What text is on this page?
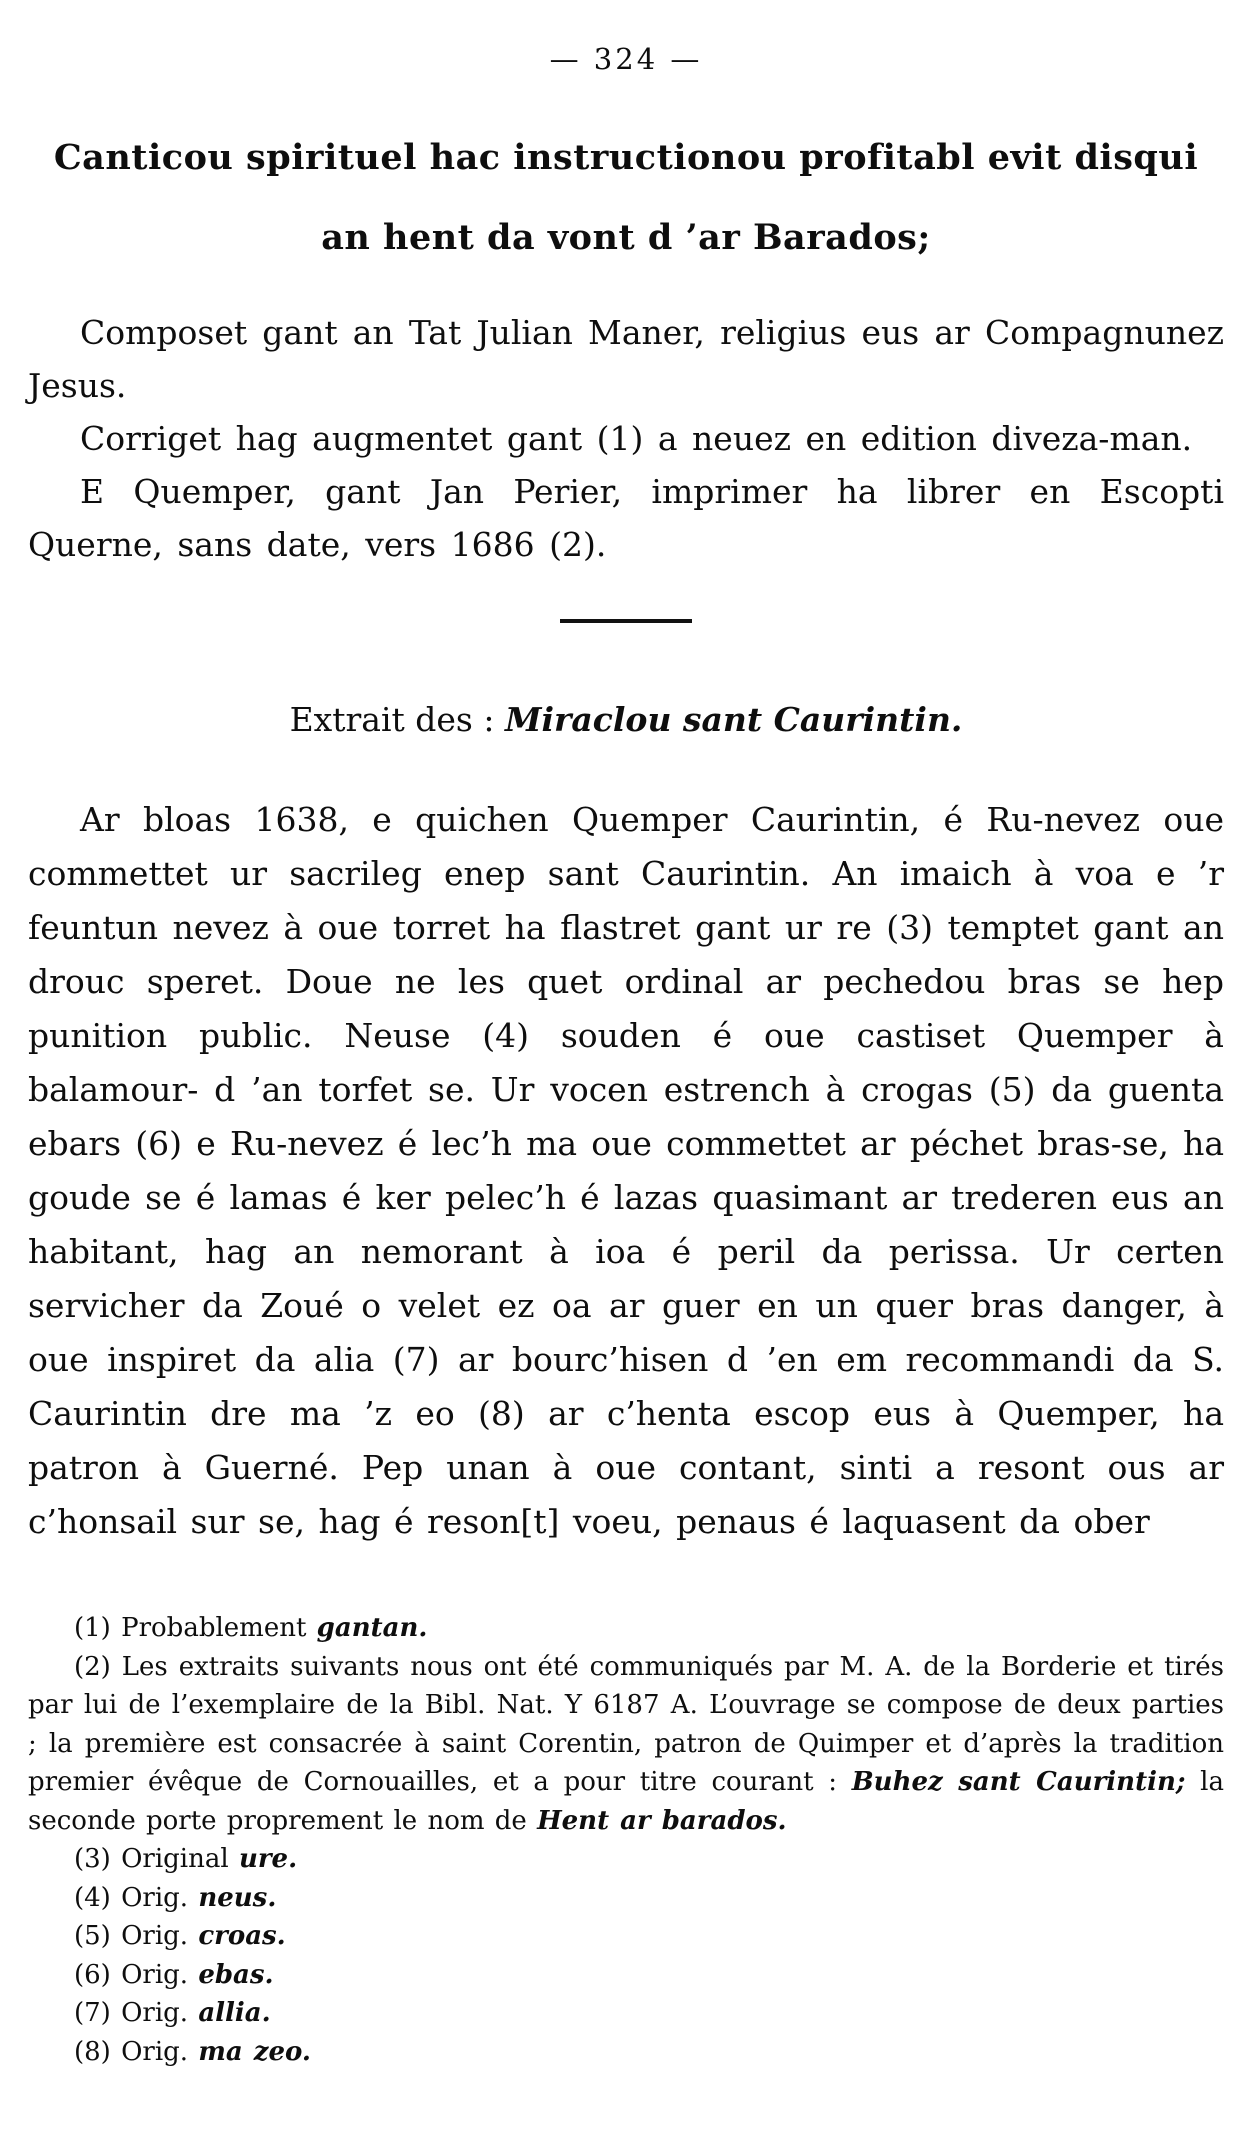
— 324 —
Canticou spirituel hac instructionou profitabl evit disqui
an hent da vont d ’ar Barados;

Composet gant an Tat Julian Maner, religius eus ar Compagnunez Jesus.

Corriget hag augmentet gant (1) a neuez en edition diveza-man.

E Quemper, gant Jan Perier, imprimer ha librer en Escopti Querne, sans date, vers 1686 (2).

Extrait des : Miraclou sant Caurintin.

Ar bloas 1638, e quichen Quemper Caurintin, é Ru-nevez oue commettet ur sacrileg enep sant Caurintin. An imaich à voa e ’r feuntun nevez à oue torret ha flastret gant ur re (3) temptet gant an drouc speret. Doue ne les quet ordinal ar pechedou bras se hep punition public. Neuse (4) souden é oue castiset Quemper à balamour- d ’an torfet se. Ur vocen estrench à crogas (5) da guenta ebars (6) e Ru-nevez é lec’h ma oue commettet ar péchet bras-se, ha goude se é lamas é ker pelec’h é lazas quasimant ar trederen eus an habitant, hag an nemorant à ioa é peril da perissa. Ur certen servicher da Zoué o velet ez oa ar guer en un quer bras danger, à oue inspiret da alia (7) ar bourc’hisen d ’en em recommandi da S. Caurintin dre ma ’z eo (8) ar c’henta escop eus à Quemper, ha patron à Guerné. Pep unan à oue contant, sinti a resont ous ar c’honsail sur se, hag é reson[t] voeu, penaus é laquasent da ober

(1) Probablement gantan.

(2) Les extraits suivants nous ont été communiqués par M. A. de la Borderie et tirés par lui de l’exemplaire de la Bibl. Nat. Y 6187 A. L’ouvrage se compose de deux parties ; la première est consacrée à saint Corentin, patron de Quimper et d’après la tradition premier évêque de Cornouailles, et a pour titre courant : Buhez sant Caurintin; la seconde porte proprement le nom de Hent ar barados.

(3) Original ure.

(4) Orig. neus.

(5) Orig. croas.

(6) Orig. ebas.

(7) Orig. allia.

(8) Orig. ma zeo.
